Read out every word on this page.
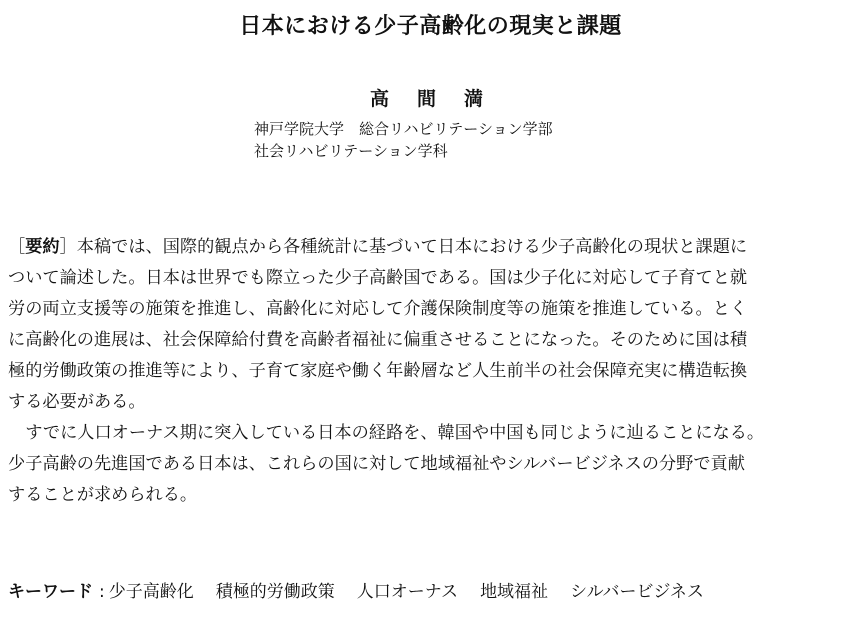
日本における少子高齢化の現実と課題
高間満
神戸学院大学　総合リハビリテーション学部
社会リハビリテーション学科
［要約］本稿では、国際的観点から各種統計に基づいて日本における少子高齢化の現状と課題に
ついて論述した。日本は世界でも際立った少子高齢国である。国は少子化に対応して子育てと就
労の両立支援等の施策を推進し、高齢化に対応して介護保険制度等の施策を推進している。とく
に高齢化の進展は、社会保障給付費を高齢者福祉に偏重させることになった。そのために国は積
極的労働政策の推進等により、子育て家庭や働く年齢層など人生前半の社会保障充実に構造転換
する必要がある。
　すでに人口オーナス期に突入している日本の経路を、韓国や中国も同じように辿ることになる。
少子高齢の先進国である日本は、これらの国に対して地域福祉やシルバービジネスの分野で貢献
することが求められる。
キーワード : 少子高齢化 積極的労働政策 人口オーナス 地域福祉 シルバービジネス
